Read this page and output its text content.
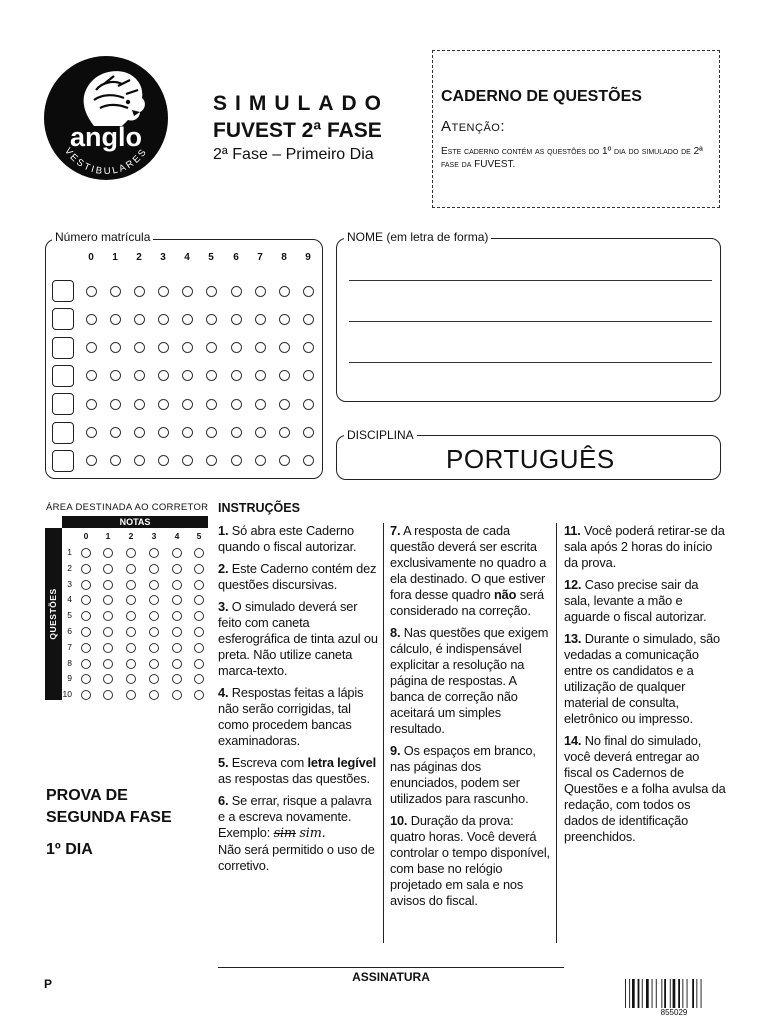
anglo
VESTIBULARES
SIMULADO
FUVEST 2ª FASE
2ª Fase – Primeiro Dia
CADERNO DE QUESTÕES
Atenção:
Este caderno contém as questões do 1º dia do simulado de 2ª fase da FUVEST.
Número matrícula
0	1	2	3	4	5	6	7	8	9
NOME (em letra de forma)
DISCIPLINA
PORTUGUÊS
ÁREA DESTINADA AO CORRETOR
NOTAS
QUESTÕES
0	1	2	3	4	5
1
2
3
4
5
6
7
8
9
10
PROVA DE
SEGUNDA FASE
1º DIA
INSTRUÇÕES

1. Só abra este Caderno quando o fiscal autorizar.

2. Este Caderno contém dez questões discursivas.

3. O simulado deverá ser feito com caneta esferográfica de tinta azul ou preta. Não utilize caneta marca-texto.

4. Respostas feitas a lápis não serão corrigidas, tal como procedem bancas examinadoras.

5. Escreva com letra legível as respostas das questões.

6. Se errar, risque a palavra e a escreva novamente.
Exemplo: sim sim.
Não será permitido o uso de corretivo.

7. A resposta de cada questão deverá ser escrita exclusivamente no quadro a ela destinado. O que estiver fora desse quadro não será considerado na correção.

8. Nas questões que exigem cálculo, é indispensável explicitar a resolução na página de respostas. A banca de correção não aceitará um simples resultado.

9. Os espaços em branco, nas páginas dos enunciados, podem ser utilizados para rascunho.

10. Duração da prova: quatro horas. Você deverá controlar o tempo disponível, com base no relógio projetado em sala e nos avisos do fiscal.

11. Você poderá retirar-se da sala após 2 horas do início da prova.

12. Caso precise sair da sala, levante a mão e aguarde o fiscal autorizar.

13. Durante o simulado, são vedadas a comunicação entre os candidatos e a utilização de qualquer material de consulta, eletrônico ou impresso.

14. No final do simulado, você deverá entregar ao fiscal os Cadernos de Questões e a folha avulsa da redação, com todos os dados de identificação preenchidos.

ASSINATURA
P
855029
